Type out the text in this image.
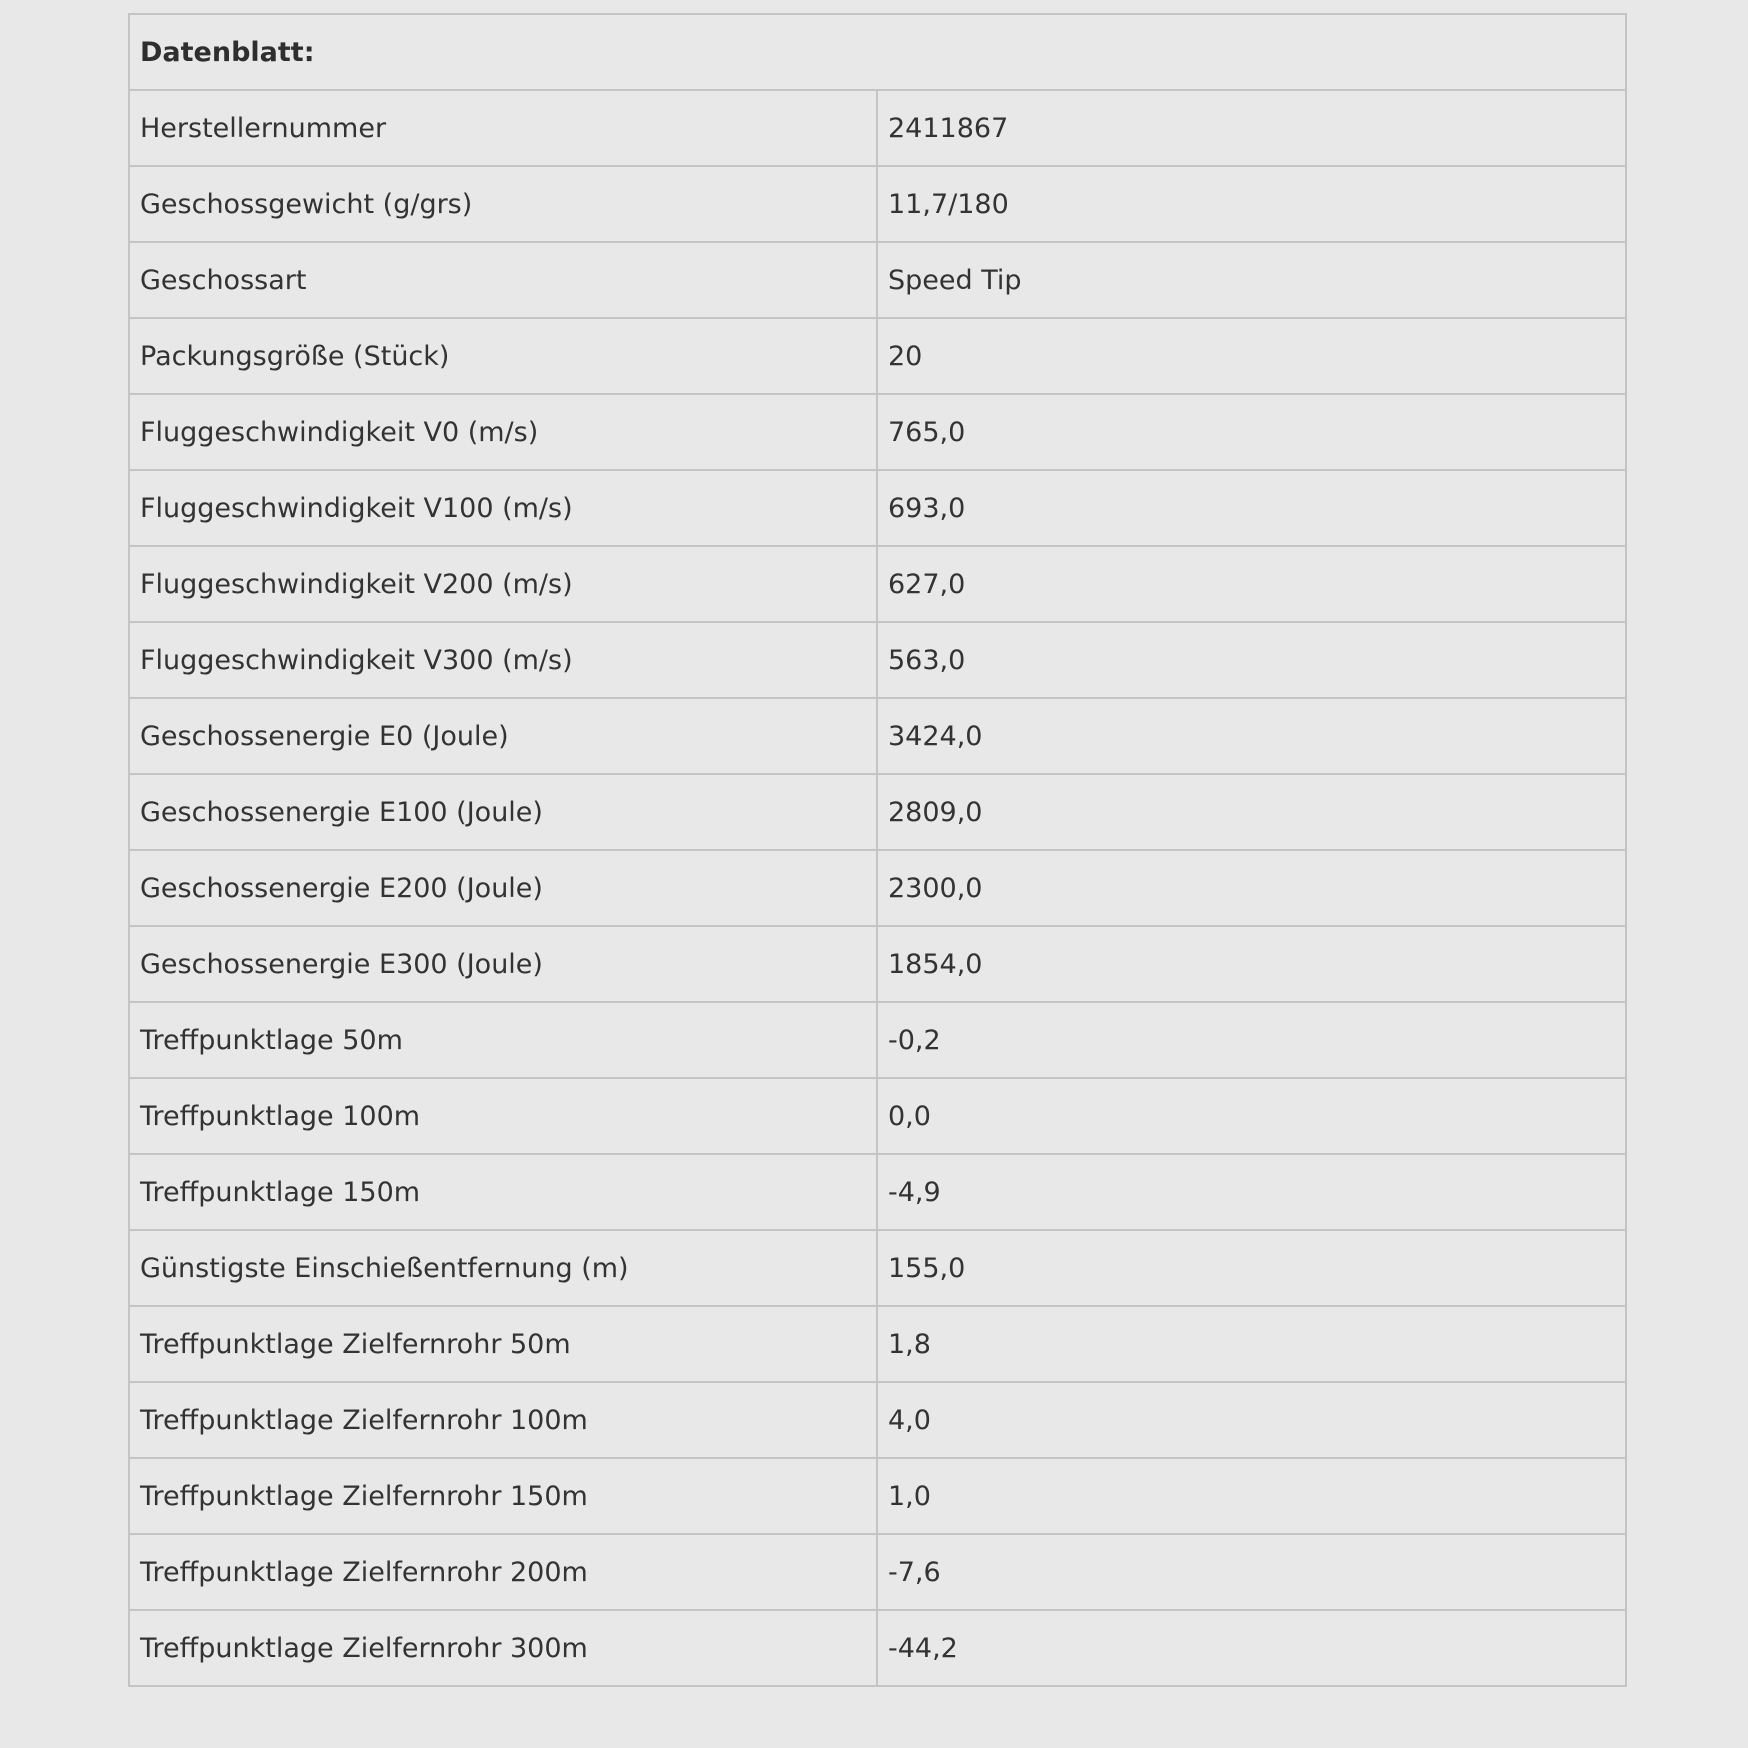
Datenblatt:	
Herstellernummer	2411867
Geschossgewicht (g/grs)	11,7/180
Geschossart	Speed Tip
Packungsgröße (Stück)	20
Fluggeschwindigkeit V0 (m/s)	765,0
Fluggeschwindigkeit V100 (m/s)	693,0
Fluggeschwindigkeit V200 (m/s)	627,0
Fluggeschwindigkeit V300 (m/s)	563,0
Geschossenergie E0 (Joule)	3424,0
Geschossenergie E100 (Joule)	2809,0
Geschossenergie E200 (Joule)	2300,0
Geschossenergie E300 (Joule)	1854,0
Treffpunktlage 50m	-0,2
Treffpunktlage 100m	0,0
Treffpunktlage 150m	-4,9
Günstigste Einschießentfernung (m)	155,0
Treffpunktlage Zielfernrohr 50m	1,8
Treffpunktlage Zielfernrohr 100m	4,0
Treffpunktlage Zielfernrohr 150m	1,0
Treffpunktlage Zielfernrohr 200m	-7,6
Treffpunktlage Zielfernrohr 300m	-44,2
